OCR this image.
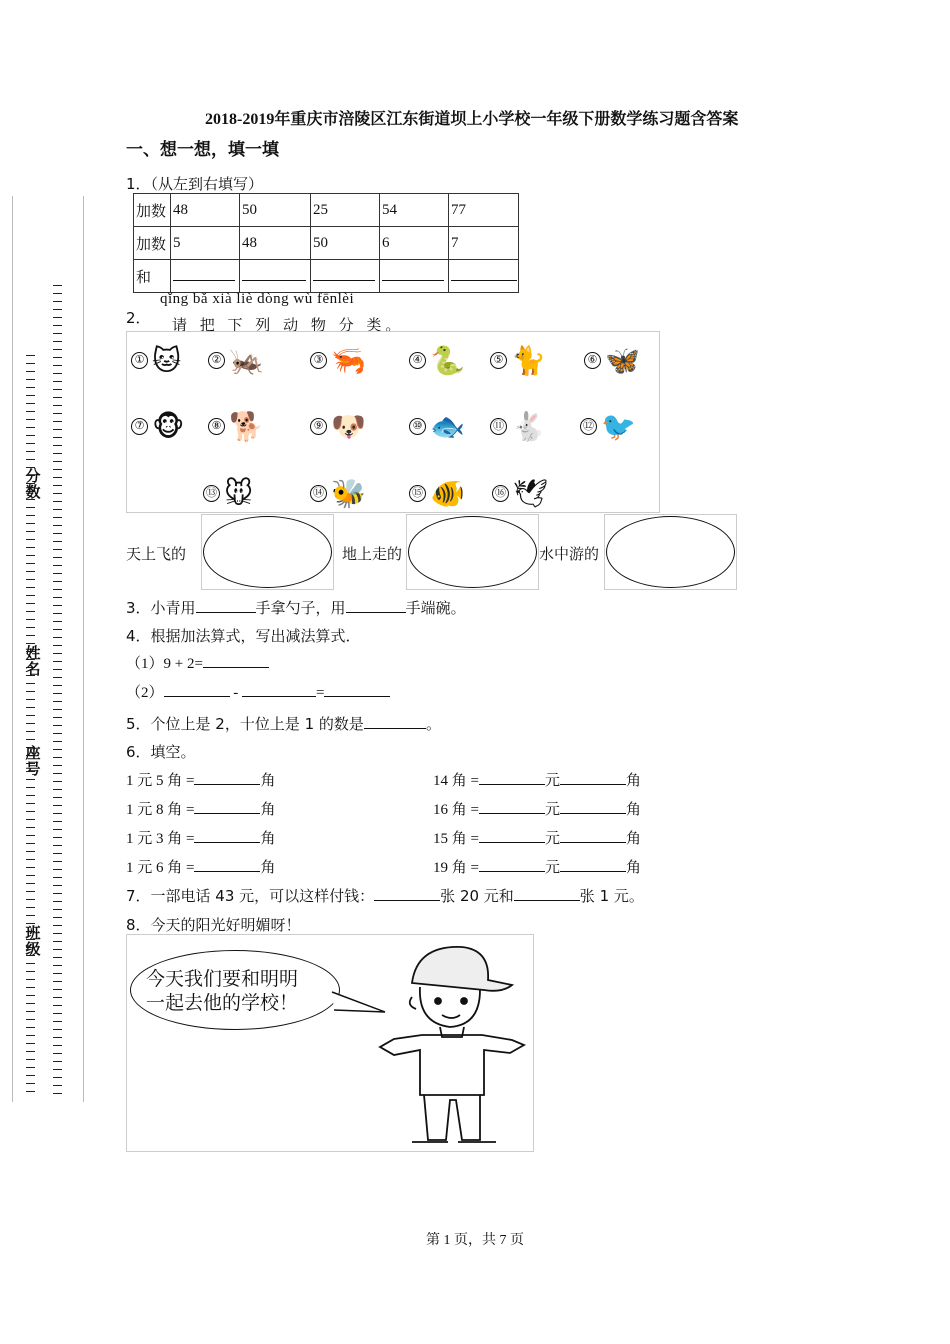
分数
姓名
座号
班级
2018-2019年重庆市涪陵区江东街道坝上小学校一年级下册数学练习题含答案
一、想一想，填一填
1．（从左到右填写）
加数	48	50	25	54	77
加数	5	48	50	6	7
和					
qǐng bǎ xià liè dòng wù fēnlèi
2． 请 把 下 列 动 物 分 类。
① 🐱	② 🦗	③ 🦐	④ 🐍	⑤ 🐈	⑥ 🦋
⑦ 🐵	⑧ 🐕	⑨ 🐶	⑩ 🐟	⑪ 🐇	⑫ 🐦
⑬ 🐭	⑭ 🐝	⑮ 🐠	⑯ 🕊
天上飞的	地上走的	水中游的
3．小青用	手拿勺子，用	手端碗。
4．根据加法算式，写出减法算式．
（1）9 + 2=
（2）	-	=
5．个位上是 2，十位上是 1 的数是	。
6．填空。
1 元 5 角 =	角	14 角 =	元	角
1 元 8 角 =	角	16 角 =	元	角
1 元 3 角 =	角	15 角 =	元	角
1 元 6 角 =	角	19 角 =	元	角
7．一部电话 43 元，可以这样付钱：	张 20 元和	张 1 元。
8．今天的阳光好明媚呀！
今天我们要和明明
一起去他的学校！
第 1 页，共 7 页
